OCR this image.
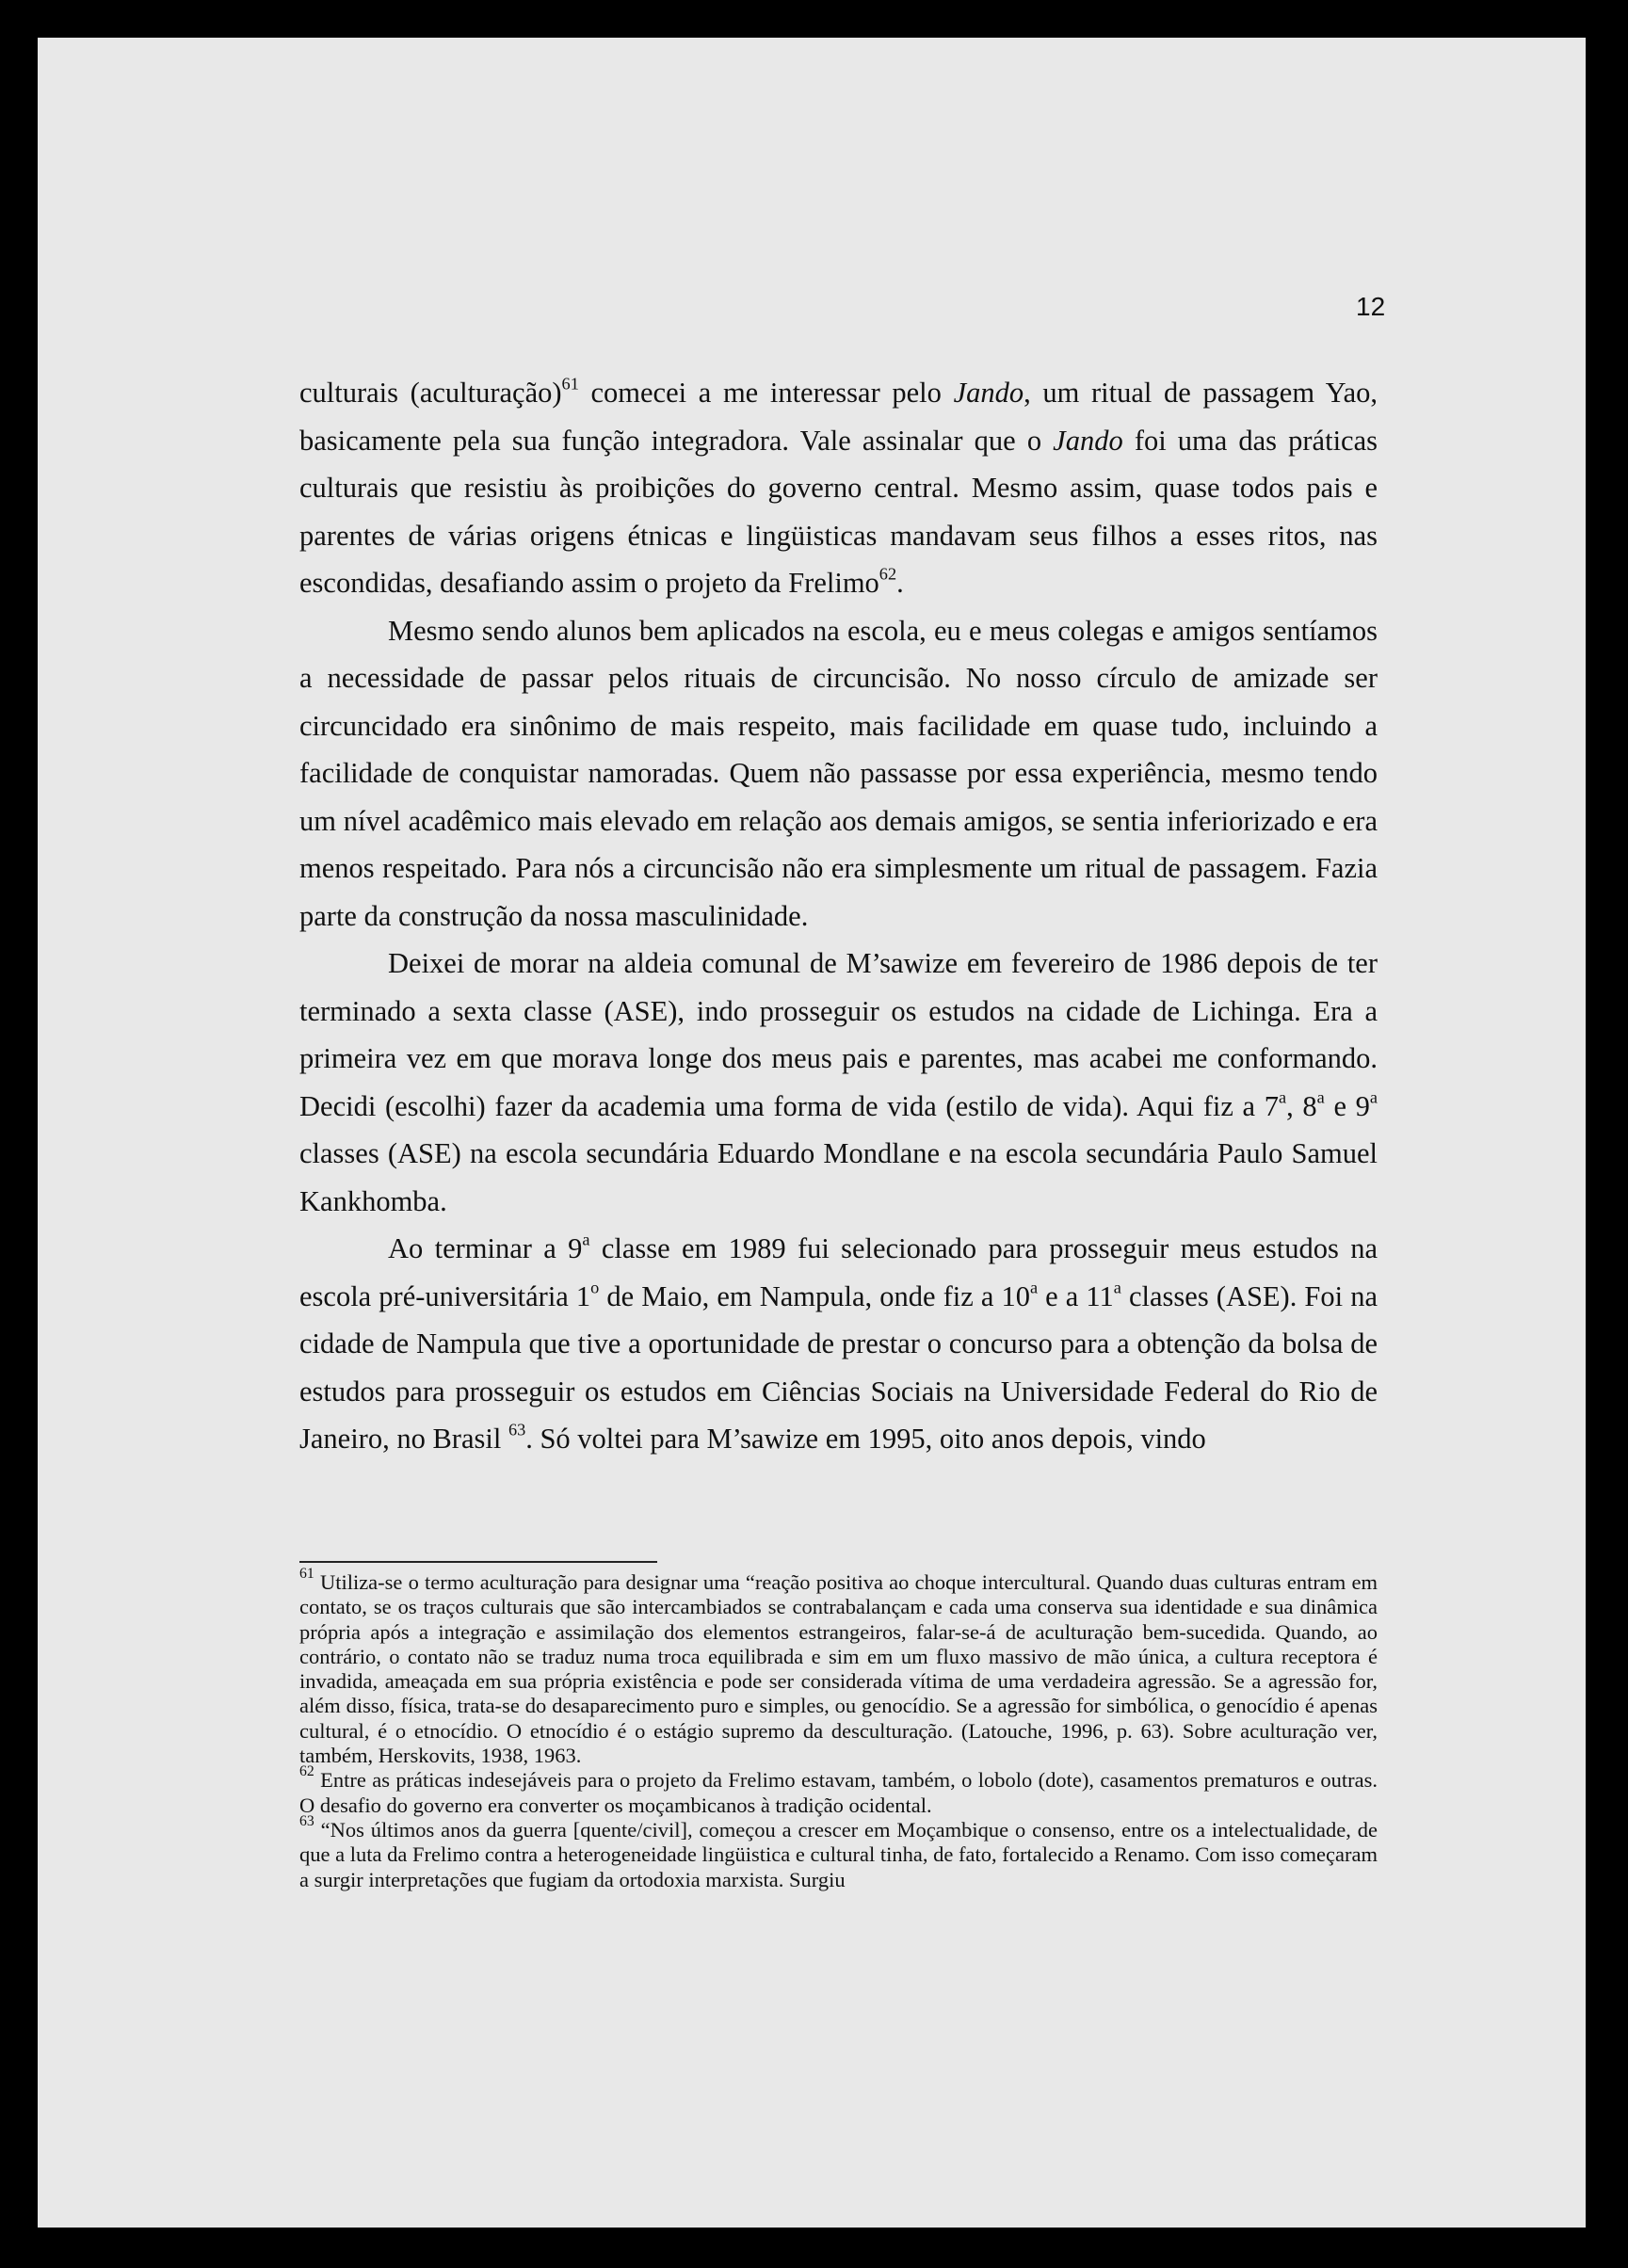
12

culturais (aculturação)$^{61}$ comecei a me interessar pelo Jando, um ritual de passagem Yao, basicamente pela sua função integradora. Vale assinalar que o Jando foi uma das práticas culturais que resistiu às proibições do governo central. Mesmo assim, quase todos pais e parentes de várias origens étnicas e lingüisticas mandavam seus filhos a esses ritos, nas escondidas, desafiando assim o projeto da Frelimo$^{62}$.

Mesmo sendo alunos bem aplicados na escola, eu e meus colegas e amigos sentíamos a necessidade de passar pelos rituais de circuncisão. No nosso círculo de amizade ser circuncidado era sinônimo de mais respeito, mais facilidade em quase tudo, incluindo a facilidade de conquistar namoradas. Quem não passasse por essa experiência, mesmo tendo um nível acadêmico mais elevado em relação aos demais amigos, se sentia inferiorizado e era menos respeitado. Para nós a circuncisão não era simplesmente um ritual de passagem. Fazia parte da construção da nossa masculinidade.

Deixei de morar na aldeia comunal de M’sawize em fevereiro de 1986 depois de ter terminado a sexta classe (ASE), indo prosseguir os estudos na cidade de Lichinga. Era a primeira vez em que morava longe dos meus pais e parentes, mas acabei me conformando. Decidi (escolhi) fazer da academia uma forma de vida (estilo de vida). Aqui fiz a 7$^a$, 8$^a$ e 9$^a$ classes (ASE) na escola secundária Eduardo Mondlane e na escola secundária Paulo Samuel Kankhomba.

Ao terminar a 9$^a$ classe em 1989 fui selecionado para prosseguir meus estudos na escola pré-universitária 1$^o$ de Maio, em Nampula, onde fiz a 10$^a$ e a 11$^a$ classes (ASE). Foi na cidade de Nampula que tive a oportunidade de prestar o concurso para a obtenção da bolsa de estudos para prosseguir os estudos em Ciências Sociais na Universidade Federal do Rio de Janeiro, no Brasil $^{63}$. Só voltei para M’sawize em 1995, oito anos depois, vindo

$^{61}$ Utiliza-se o termo aculturação para designar uma “reação positiva ao choque intercultural. Quando duas culturas entram em contato, se os traços culturais que são intercambiados se contrabalançam e cada uma conserva sua identidade e sua dinâmica própria após a integração e assimilação dos elementos estrangeiros, falar-se-á de aculturação bem-sucedida. Quando, ao contrário, o contato não se traduz numa troca equilibrada e sim em um fluxo massivo de mão única, a cultura receptora é invadida, ameaçada em sua própria existência e pode ser considerada vítima de uma verdadeira agressão. Se a agressão for, além disso, física, trata-se do desaparecimento puro e simples, ou genocídio. Se a agressão for simbólica, o genocídio é apenas cultural, é o etnocídio. O etnocídio é o estágio supremo da desculturação. (Latouche, 1996, p. 63). Sobre aculturação ver, também, Herskovits, 1938, 1963.

$^{62}$ Entre as práticas indesejáveis para o projeto da Frelimo estavam, também, o lobolo (dote), casamentos prematuros e outras. O desafio do governo era converter os moçambicanos à tradição ocidental.

$^{63}$ “Nos últimos anos da guerra [quente/civil], começou a crescer em Moçambique o consenso, entre os a intelectualidade, de que a luta da Frelimo contra a heterogeneidade lingüistica e cultural tinha, de fato, fortalecido a Renamo. Com isso começaram a surgir interpretações que fugiam da ortodoxia marxista. Surgiu
